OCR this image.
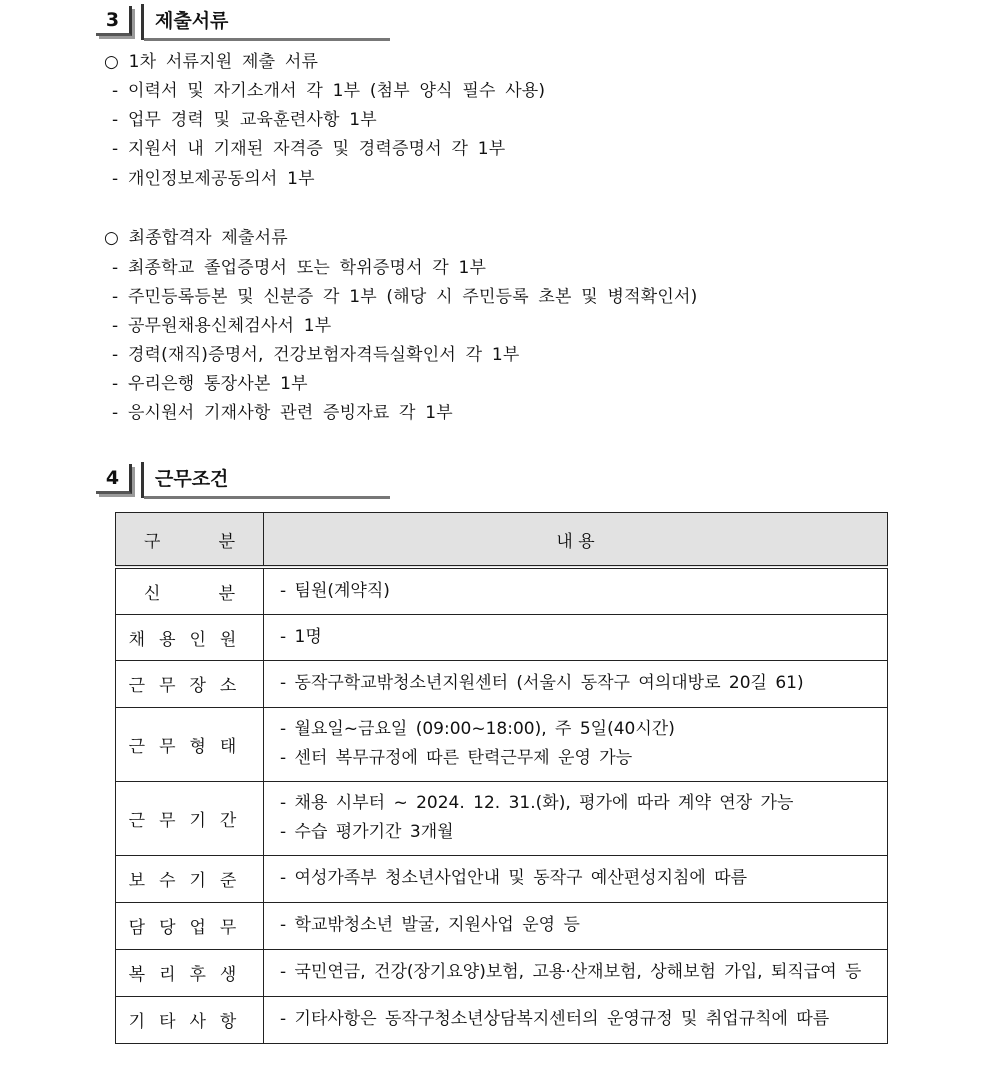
3	제출서류
○ 1차 서류지원 제출 서류
- 이력서 및 자기소개서 각 1부 (첨부 양식 필수 사용)
- 업무 경력 및 교육훈련사항 1부
- 지원서 내 기재된 자격증 및 경력증명서 각 1부
- 개인정보제공동의서 1부
○ 최종합격자 제출서류
- 최종학교 졸업증명서 또는 학위증명서 각 1부
- 주민등록등본 및 신분증 각 1부 (해당 시 주민등록 초본 및 병적확인서)
- 공무원채용신체검사서 1부
- 경력(재직)증명서, 건강보험자격득실확인서 각 1부
- 우리은행 통장사본 1부
- 응시원서 기재사항 관련 증빙자료 각 1부
4	근무조건
구 분	내 용

신 분	- 팀원(계약직)

채용인원	- 1명

근무장소	- 동작구학교밖청소년지원센터 (서울시 동작구 여의대방로 20길 61)

근무형태	- 월요일~금요일 (09:00~18:00), 주 5일(40시간)
- 센터 복무규정에 따른 탄력근무제 운영 가능

근무기간	- 채용 시부터 ~ 2024. 12. 31.(화), 평가에 따라 계약 연장 가능
- 수습 평가기간 3개월

보수기준	- 여성가족부 청소년사업안내 및 동작구 예산편성지침에 따름

담당업무	- 학교밖청소년 발굴, 지원사업 운영 등

복리후생	- 국민연금, 건강(장기요양)보험, 고용·산재보험, 상해보험 가입, 퇴직급여 등

기타사항	- 기타사항은 동작구청소년상담복지센터의 운영규정 및 취업규칙에 따름
